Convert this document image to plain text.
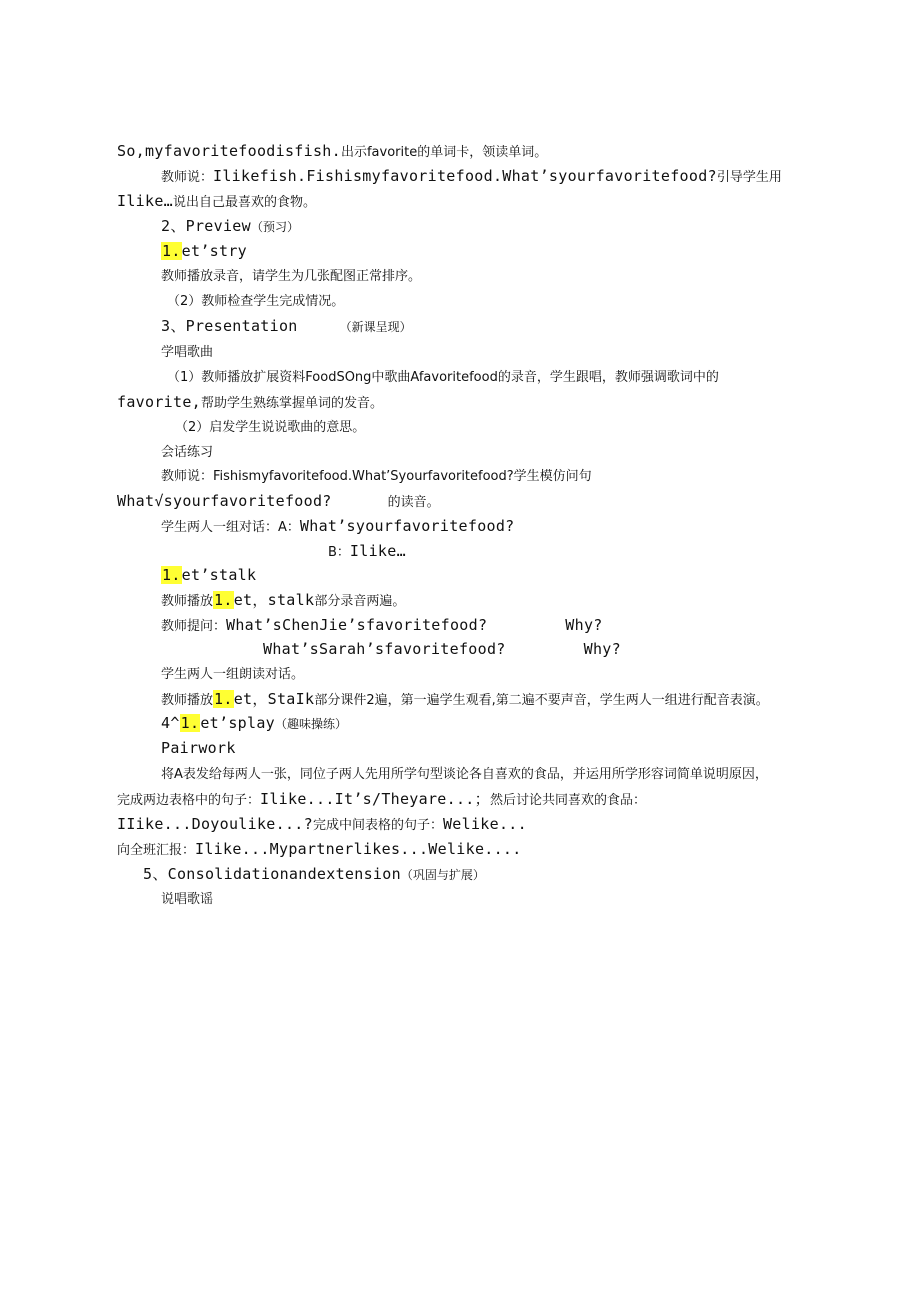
So,myfavoritefoodisfish.出示favorite的单词卡，领读单词。
教师说：Ilikefish.Fishismyfavoritefood.What’syourfavoritefood?引导学生用
Ilike…说出自己最喜欢的食物。
2、Preview（预习）
1.et’stry
教师播放录音，请学生为几张配图正常排序。
（2）教师检查学生完成情况。
3、Presentation	（新课呈现）
学唱歌曲
（1）教师播放扩展资料FoodSOng中歌曲Afavoritefood的录音，学生跟唱，教师强调歌词中的
favorite,帮助学生熟练掌握单词的发音。
（2）启发学生说说歌曲的意思。
会话练习
教师说：Fishismyfavoritefood.What’Syourfavoritefood?学生模仿问句
What√syourfavoritefood?	的读音。
学生两人一组对话：A：What’syourfavoritefood?
B：Ilike…
1.et’stalk
教师播放1.et，stalk部分录音两遍。
教师提问：What’sChenJie’sfavoritefood?	Why?
What’sSarah’sfavoritefood?	Why?
学生两人一组朗读对话。
教师播放1.et，StaIk部分课件2遍，第一遍学生观看,第二遍不要声音，学生两人一组进行配音表演。
4^1.et’splay（趣味操练）
Pairwork
将A表发给每两人一张，同位子两人先用所学句型谈论各自喜欢的食品，并运用所学形容词简单说明原因，
完成两边表格中的句子：Ilike...It’s/Theyare...；然后讨论共同喜欢的食品：
IIike...Doyoulike...?完成中间表格的句子：Welike...
向全班汇报：Ilike...Mypartnerlikes...Welike....
5、Consolidationandextension（巩固与扩展）
说唱歌谣
